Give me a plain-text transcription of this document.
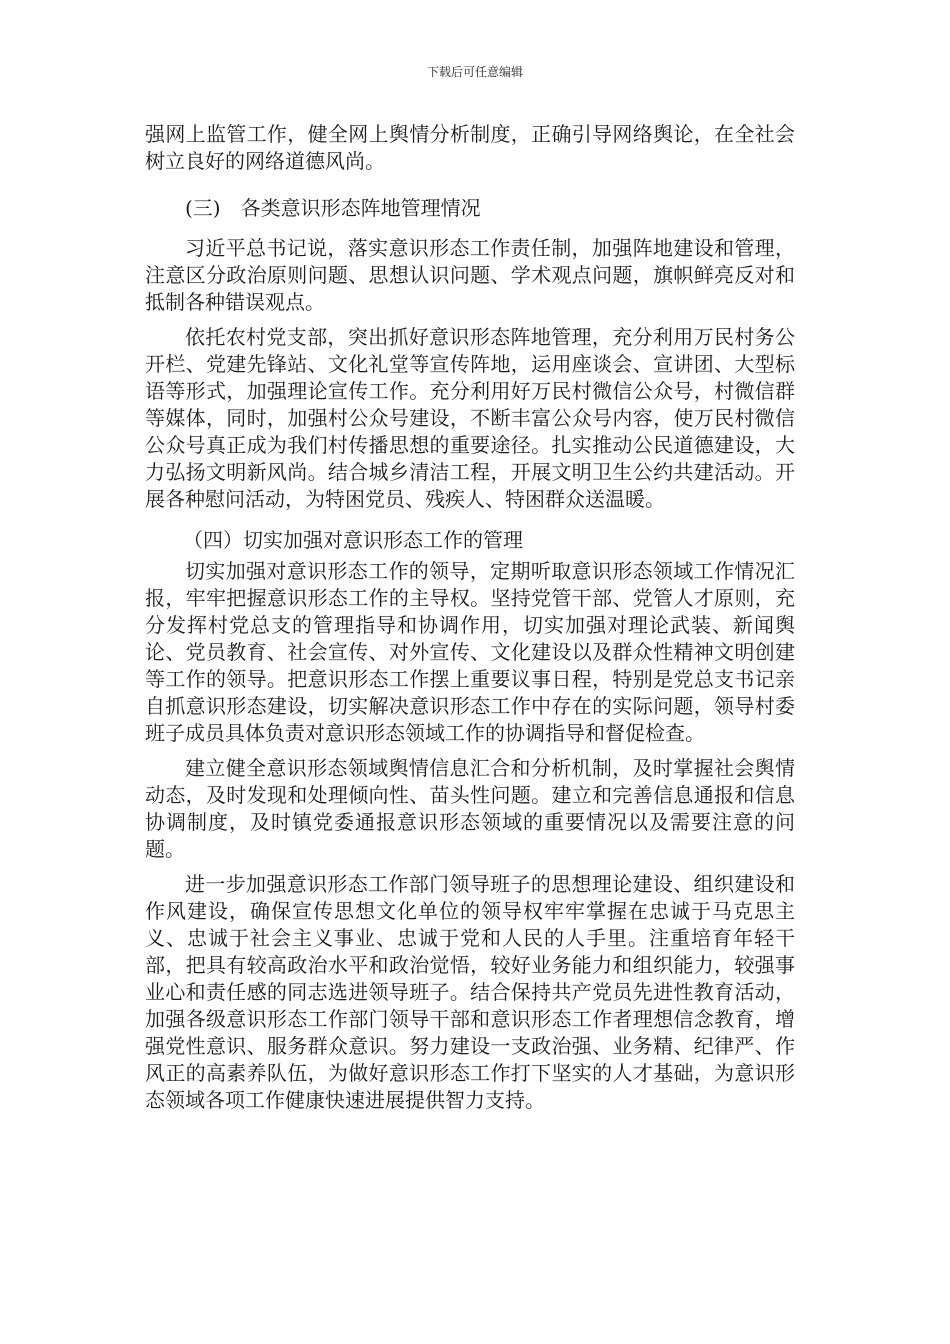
下载后可任意编辑

强网上监管工作，健全网上舆情分析制度，正确引导网络舆论，在全社会树立良好的网络道德风尚。

(三) 各类意识形态阵地管理情况

习近平总书记说，落实意识形态工作责任制，加强阵地建设和管理，注意区分政治原则问题、思想认识问题、学术观点问题，旗帜鲜亮反对和抵制各种错误观点。

依托农村党支部，突出抓好意识形态阵地管理，充分利用万民村务公开栏、党建先锋站、文化礼堂等宣传阵地，运用座谈会、宣讲团、大型标语等形式，加强理论宣传工作。充分利用好万民村微信公众号，村微信群等媒体，同时，加强村公众号建设，不断丰富公众号内容，使万民村微信公众号真正成为我们村传播思想的重要途径。扎实推动公民道德建设，大力弘扬文明新风尚。结合城乡清洁工程，开展文明卫生公约共建活动。开展各种慰问活动，为特困党员、残疾人、特困群众送温暖。

（四）切实加强对意识形态工作的管理

切实加强对意识形态工作的领导，定期听取意识形态领域工作情况汇报，牢牢把握意识形态工作的主导权。坚持党管干部、党管人才原则，充分发挥村党总支的管理指导和协调作用，切实加强对理论武装、新闻舆论、党员教育、社会宣传、对外宣传、文化建设以及群众性精神文明创建等工作的领导。把意识形态工作摆上重要议事日程，特别是党总支书记亲自抓意识形态建设，切实解决意识形态工作中存在的实际问题，领导村委班子成员具体负责对意识形态领域工作的协调指导和督促检查。

建立健全意识形态领域舆情信息汇合和分析机制，及时掌握社会舆情动态，及时发现和处理倾向性、苗头性问题。建立和完善信息通报和信息协调制度，及时镇党委通报意识形态领域的重要情况以及需要注意的问题。

进一步加强意识形态工作部门领导班子的思想理论建设、组织建设和作风建设，确保宣传思想文化单位的领导权牢牢掌握在忠诚于马克思主义、忠诚于社会主义事业、忠诚于党和人民的人手里。注重培育年轻干部，把具有较高政治水平和政治觉悟，较好业务能力和组织能力，较强事业心和责任感的同志选进领导班子。结合保持共产党员先进性教育活动，加强各级意识形态工作部门领导干部和意识形态工作者理想信念教育，增强党性意识、服务群众意识。努力建设一支政治强、业务精、纪律严、作风正的高素养队伍，为做好意识形态工作打下坚实的人才基础，为意识形态领域各项工作健康快速进展提供智力支持。
